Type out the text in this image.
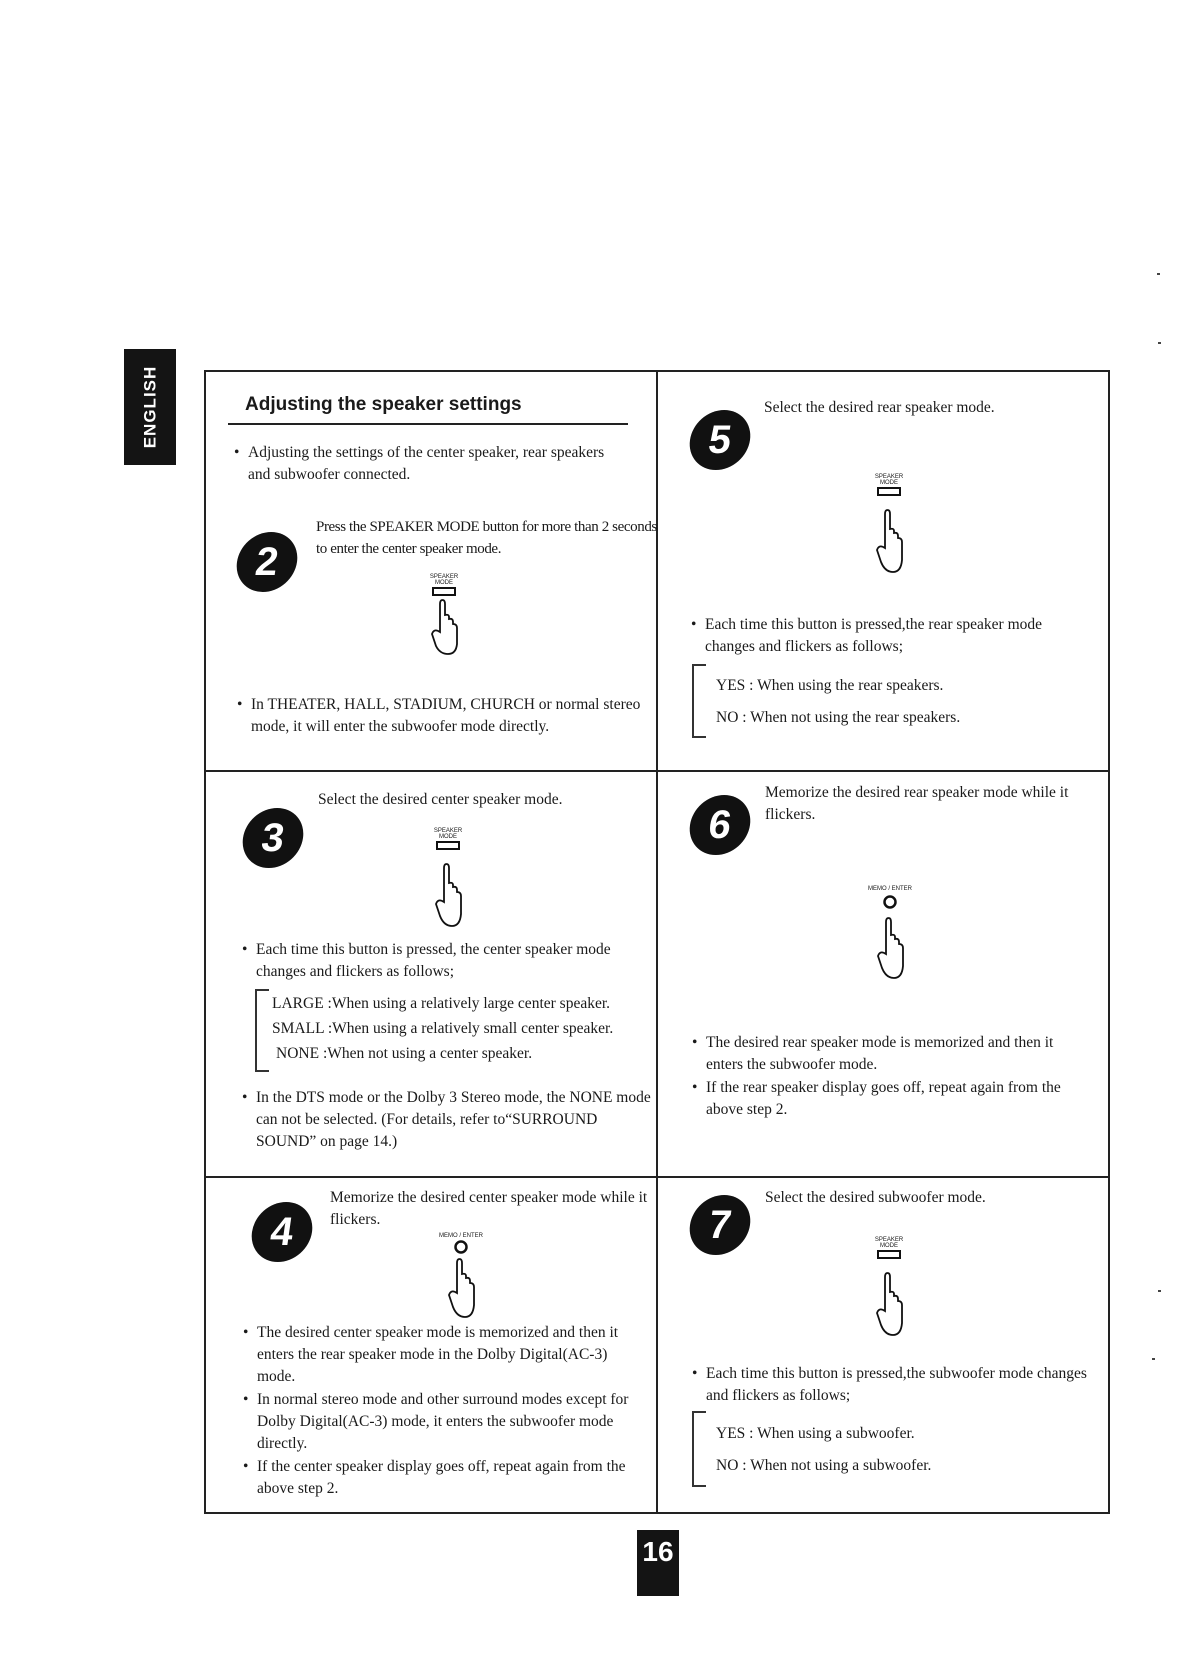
ENGLISH	Adjusting the speaker settings
• Adjusting the settings of the center speaker, rear speakers and subwoofer connected.
2
Press the SPEAKER MODE button for more than 2 seconds to enter the center speaker mode.
SPEAKER
MODE
• In THEATER, HALL, STADIUM, CHURCH or normal stereo mode, it will enter the subwoofer mode directly.
3
Select the desired center speaker mode.
SPEAKER
MODE
• Each time this button is pressed, the center speaker mode changes and flickers as follows;
LARGE :When using a relatively large center speaker.
SMALL :When using a relatively small center speaker.
NONE :When not using a center speaker.
• In the DTS mode or the Dolby 3 Stereo mode, the NONE mode can not be selected. (For details, refer to“SURROUND SOUND” on page 14.)
4
Memorize the desired center speaker mode while it flickers.
MEMO / ENTER
• The desired center speaker mode is memorized and then it enters the rear speaker mode in the Dolby Digital(AC-3) mode.
• In normal stereo mode and other surround modes except for Dolby Digital(AC-3) mode, it enters the subwoofer mode directly.
• If the center speaker display goes off, repeat again from the above step 2.
5
Select the desired rear speaker mode.
SPEAKER
MODE
• Each time this button is pressed,the rear speaker mode changes and flickers as follows;
YES : When using the rear speakers.
NO : When not using the rear speakers.
6
Memorize the desired rear speaker mode while it flickers.
MEMO / ENTER
• The desired rear speaker mode is memorized and then it enters the subwoofer mode.
• If the rear speaker display goes off, repeat again from the above step 2.
7
Select the desired subwoofer mode.
SPEAKER
MODE
• Each time this button is pressed,the subwoofer mode changes and flickers as follows;
YES : When using a subwoofer.
NO : When not using a subwoofer.
16
